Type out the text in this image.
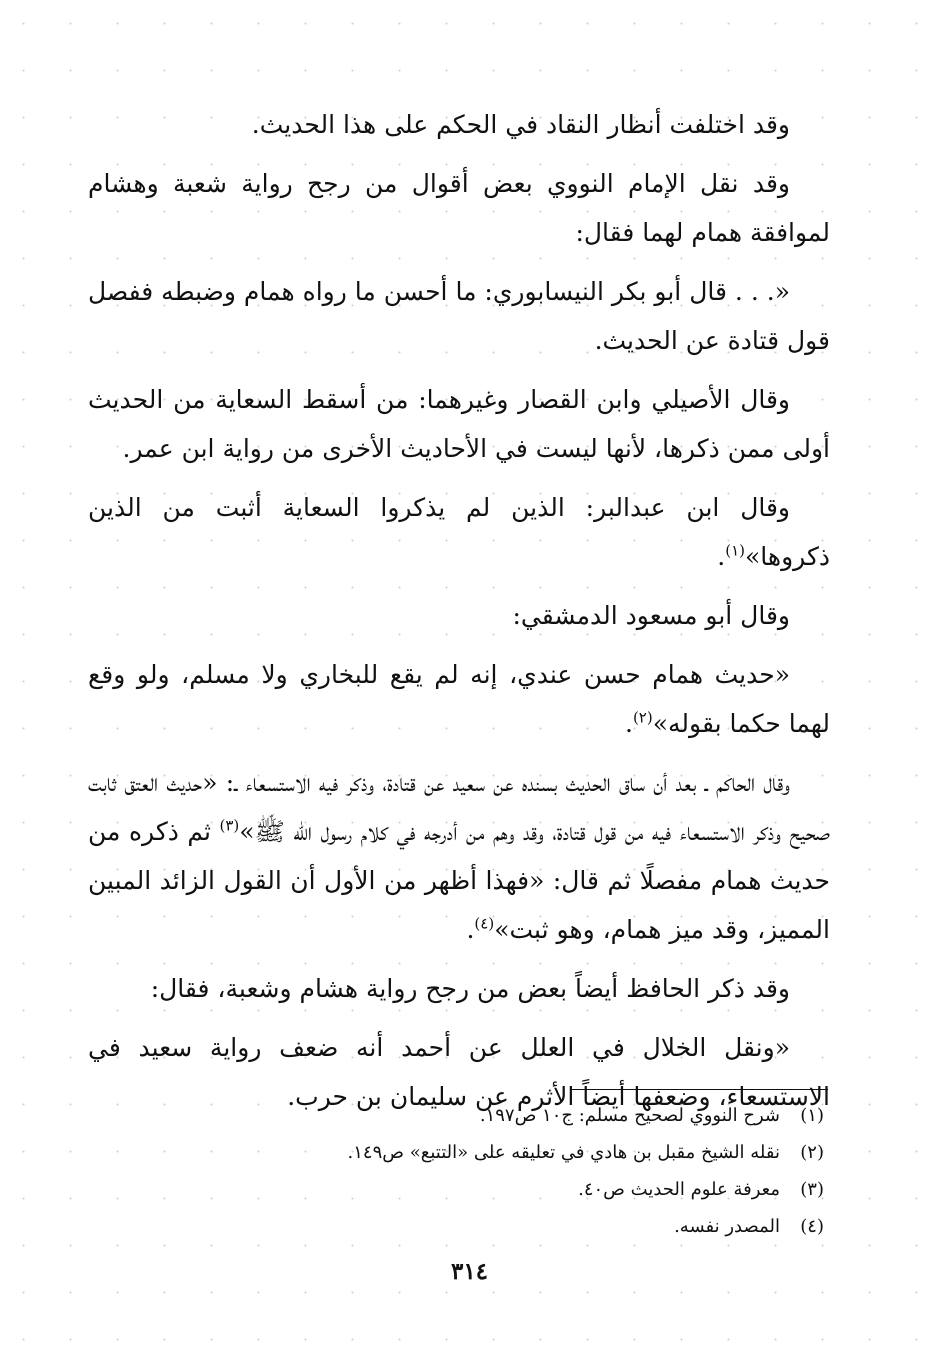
وقد اختلفت أنظار النقاد في الحكم على هذا الحديث.

وقد نقل الإمام النووي بعض أقوال من رجح رواية شعبة وهشام لموافقة همام لهما فقال:

«. . . قال أبو بكر النيسابوري: ما أحسن ما رواه همام وضبطه ففصل قول قتادة عن الحديث.

وقال الأصيلي وابن القصار وغيرهما: من أسقط السعاية من الحديث أولى ممن ذكرها، لأنها ليست في الأحاديث الأخرى من رواية ابن عمر.

وقال ابن عبدالبر: الذين لم يذكروا السعاية أثبت من الذين ذكروها»$^{(١)}$.

وقال أبو مسعود الدمشقي:

«حديث همام حسن عندي، إنه لم يقع للبخاري ولا مسلم، ولو وقع لهما حكما بقوله»$^{(٢)}$.

وقال الحاكم ـ بعد أن ساق الحديث بسنده عن سعيد عن قتادة، وذكر فيه الاستسعاء ـ: «حديث العتق ثابت صحيح وذكر الاستسعاء فيه من قول قتادة، وقد وهم من أدرجه في كلام رسول الله ﷺ»$^{(٣)}$ ثم ذكره من حديث همام مفصلًا ثم قال: «فهذا أظهر من الأول أن القول الزائد المبين المميز، وقد ميز همام، وهو ثبت»$^{(٤)}$.

وقد ذكر الحافظ أيضاً بعض من رجح رواية هشام وشعبة، فقال:

«ونقل الخلال في العلل عن أحمد أنه ضعف رواية سعيد في الاستسعاء، وضعفها أيضاً الأثرم عن سليمان بن حرب.

(١)شرح النووي لصحيح مسلم: ج١٠ ص١٩٧.
(٢)نقله الشيخ مقبل بن هادي في تعليقه على «التتبع» ص١٤٩.
(٣)معرفة علوم الحديث ص٤٠.
(٤)المصدر نفسه.
٣١٤
